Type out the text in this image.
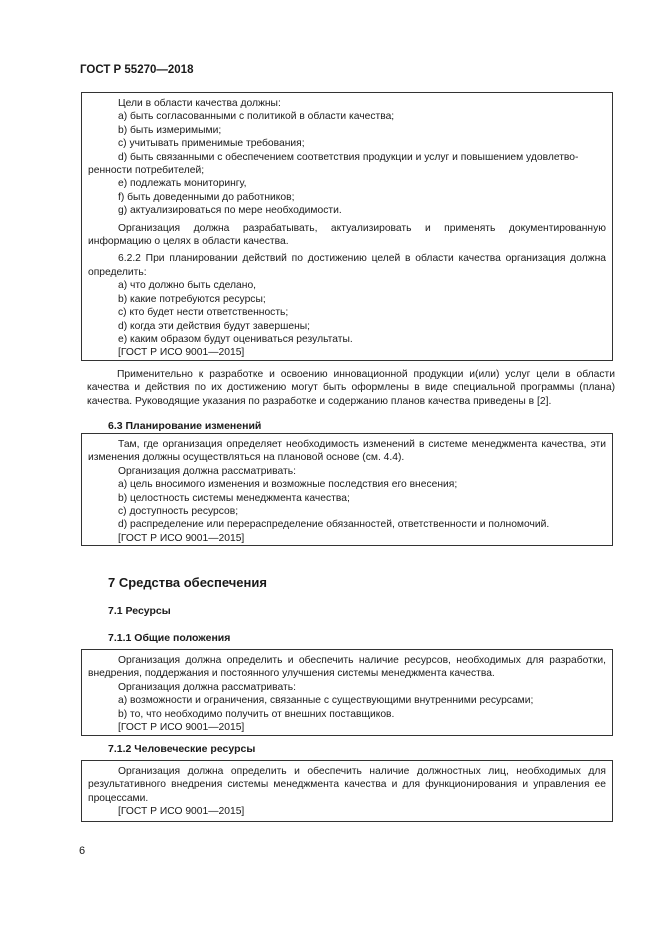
ГОСТ Р 55270—2018

Цели в области качества должны:

a) быть согласованными с политикой в области качества;

b) быть измеримыми;

c) учитывать применимые требования;

d) быть связанными с обеспечением соответствия продукции и услуг и повышением удовлетво-

ренности потребителей;

e) подлежать мониторингу,

f) быть доведенными до работников;

g) актуализироваться по мере необходимости.

Организация должна разрабатывать, актуализировать и применять документированную информацию о целях в области качества.

6.2.2 При планировании действий по достижению целей в области качества организация должна определить:

a) что должно быть сделано,

b) какие потребуются ресурсы;

c) кто будет нести ответственность;

d) когда эти действия будут завершены;

e) каким образом будут оцениваться результаты.

[ГОСТ Р ИСО 9001—2015]

Применительно к разработке и освоению инновационной продукции и(или) услуг цели в области качества и действия по их достижению могут быть оформлены в виде специальной программы (плана) качества. Руководящие указания по разработке и содержанию планов качества приведены в [2].

6.3 Планирование изменений

Там, где организация определяет необходимость изменений в системе менеджмента качества, эти изменения должны осуществляться на плановой основе (см. 4.4).

Организация должна рассматривать:

a) цель вносимого изменения и возможные последствия его внесения;

b) целостность системы менеджмента качества;

c) доступность ресурсов;

d) распределение или перераспределение обязанностей, ответственности и полномочий.

[ГОСТ Р ИСО 9001—2015]

7 Средства обеспечения

7.1 Ресурсы

7.1.1 Общие положения

Организация должна определить и обеспечить наличие ресурсов, необходимых для разработки, внедрения, поддержания и постоянного улучшения системы менеджмента качества.

Организация должна рассматривать:

a) возможности и ограничения, связанные с существующими внутренними ресурсами;

b) то, что необходимо получить от внешних поставщиков.

[ГОСТ Р ИСО 9001—2015]

7.1.2 Человеческие ресурсы

Организация должна определить и обеспечить наличие должностных лиц, необходимых для результативного внедрения системы менеджмента качества и для функционирования и управления ее процессами.

[ГОСТ Р ИСО 9001—2015]

6
